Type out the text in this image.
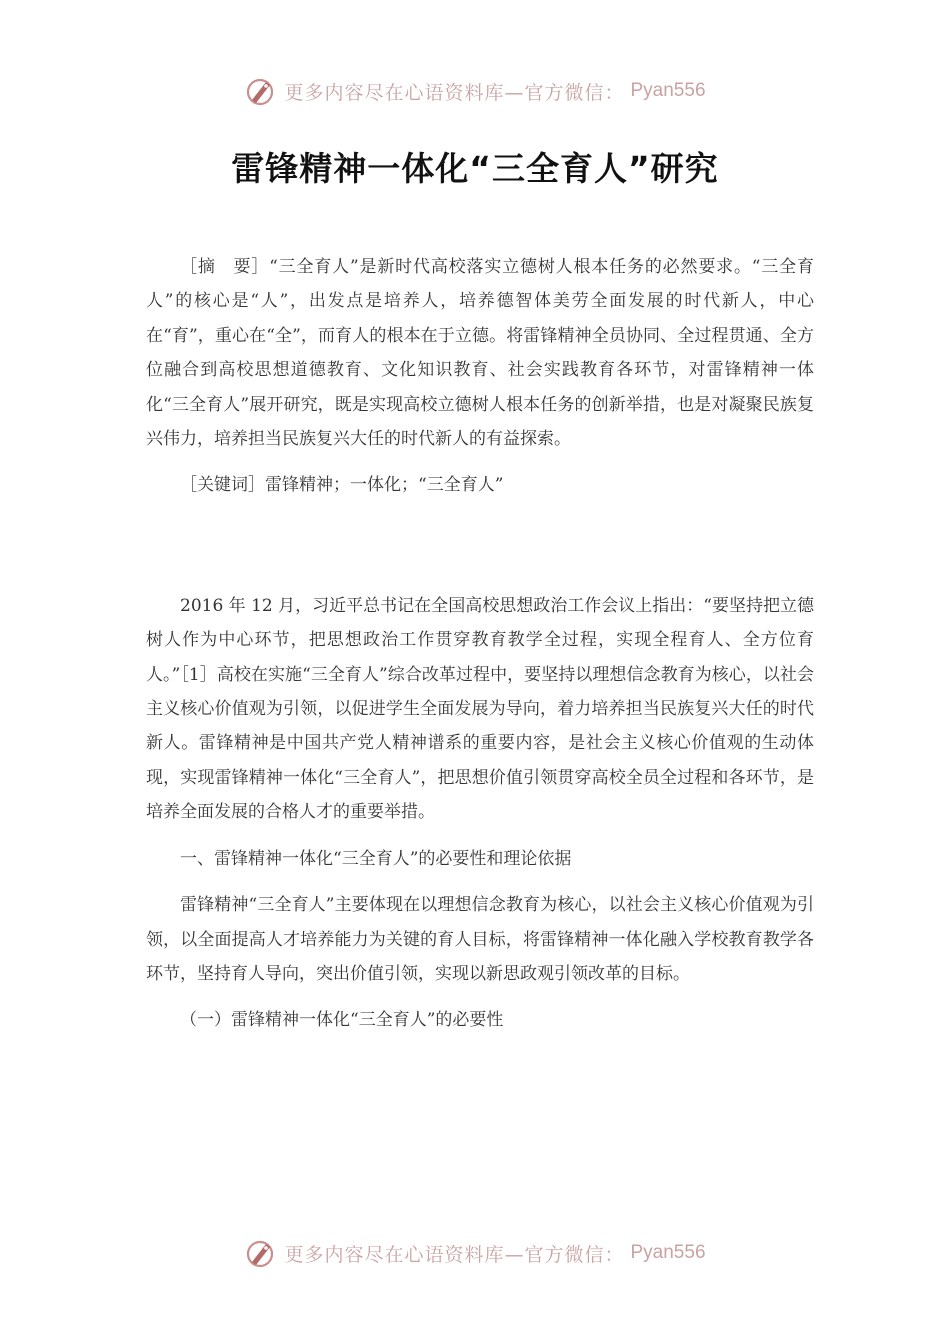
更多内容尽在心语资料库—官方微信： Pyan556
雷锋精神一体化“三全育人”研究

［摘　要］“三全育人”是新时代高校落实立德树人根本任务的必然要求。“三全育人”的核心是“人”，出发点是培养人，培养德智体美劳全面发展的时代新人，中心在“育”，重心在“全”，而育人的根本在于立德。将雷锋精神全员协同、全过程贯通、全方位融合到高校思想道德教育、文化知识教育、社会实践教育各环节，对雷锋精神一体化“三全育人”展开研究，既是实现高校立德树人根本任务的创新举措，也是对凝聚民族复兴伟力，培养担当民族复兴大任的时代新人的有益探索。

［关键词］雷锋精神；一体化；“三全育人”

2016 年 12 月，习近平总书记在全国高校思想政治工作会议上指出：“要坚持把立德树人作为中心环节，把思想政治工作贯穿教育教学全过程，实现全程育人、全方位育人。”［1］高校在实施“三全育人”综合改革过程中，要坚持以理想信念教育为核心，以社会主义核心价值观为引领，以促进学生全面发展为导向，着力培养担当民族复兴大任的时代新人。雷锋精神是中国共产党人精神谱系的重要内容，是社会主义核心价值观的生动体现，实现雷锋精神一体化“三全育人”，把思想价值引领贯穿高校全员全过程和各环节，是培养全面发展的合格人才的重要举措。

一、雷锋精神一体化“三全育人”的必要性和理论依据

雷锋精神“三全育人”主要体现在以理想信念教育为核心，以社会主义核心价值观为引领，以全面提高人才培养能力为关键的育人目标，将雷锋精神一体化融入学校教育教学各环节，坚持育人导向，突出价值引领，实现以新思政观引领改革的目标。

（一）雷锋精神一体化“三全育人”的必要性

更多内容尽在心语资料库—官方微信： Pyan556
